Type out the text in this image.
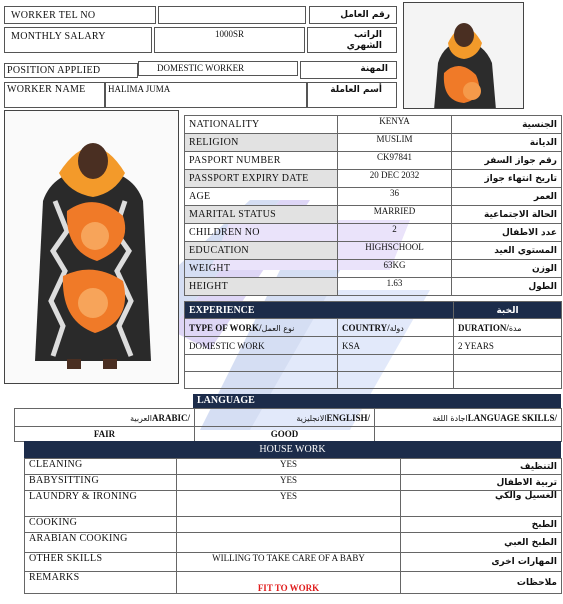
WORKER TEL NO	رقم العامل
MONTHLY SALARY	1000SR	الراتب الشهري
POSITION APPLIED	DOMESTIC WORKER	المهنة
WORKER NAME HALIMA JUMA	أسم العاملة
NATIONALITY	KENYA	الجنسية
RELIGION	MUSLIM	الديانة
PASPORT NUMBER	CK97841	رقم جواز السفر
PASSPORT EXPIRY DATE	20 DEC 2032	تاريخ انتهاء جواز
AGE	36	العمر
MARITAL STATUS	MARRIED	الحالة الاجتماعية
CHILDREN NO	2	عدد الاطفال
EDUCATION	HIGHSCHOOL	المستوي العيد
WEIGHT	63KG	الوزن
HEIGHT	1.63	الطول
EXPERIENCE		الخبة
TYPE OF WORK/نوع العمل	COUNTRY/دولة	DURATION/مدة
DOMESTIC WORK	KSA	2 YEARS

LANGUAGE
العربيةARABIC/	الانجليزيةENGLISH/	اجادة اللغةLANGUAGE SKILLS/
FAIR	GOOD	
HOUSE WORK
CLEANING	YES	التنظيف
BABYSITTING	YES	تربية الاطفال
LAUNDRY & IRONING	YES	الغسيل والكي
COOKING		الطبخ
ARABIAN COOKING		الطبخ العبي
OTHER SKILLS	WILLING TO TAKE CARE OF A BABY	المهارات اخرى
REMARKS	FIT TO WORK	ملاحظات
